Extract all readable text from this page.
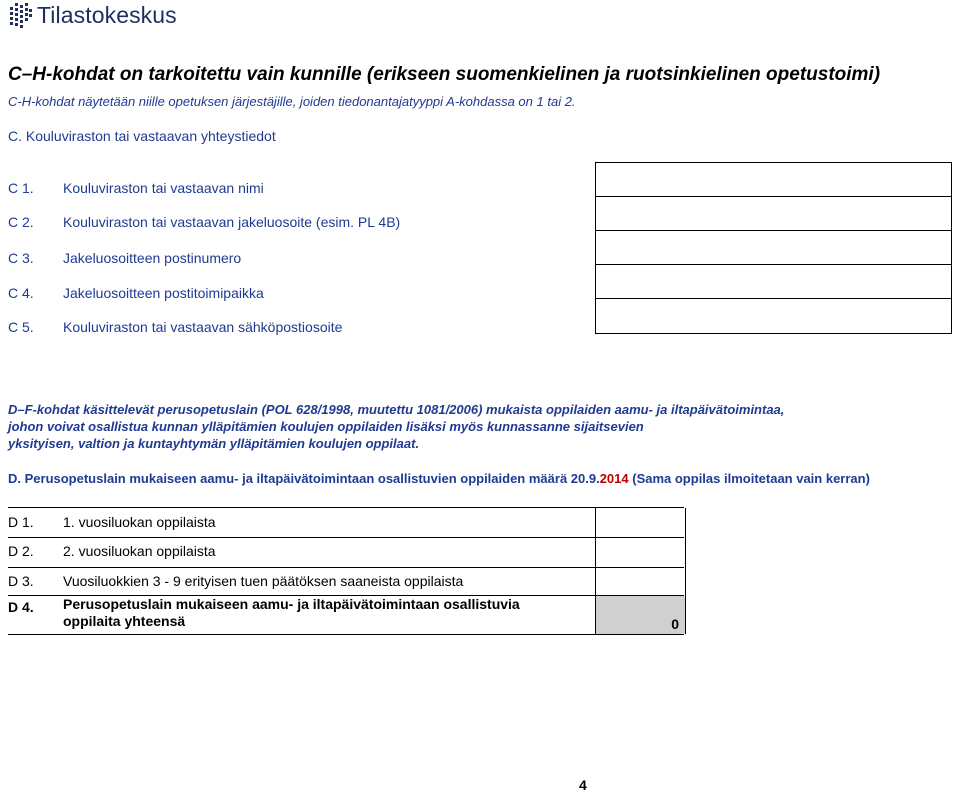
Tilastokeskus
C–H-kohdat on tarkoitettu vain kunnille (erikseen suomenkielinen ja ruotsinkielinen opetustoimi)
C-H-kohdat näytetään niille opetuksen järjestäjille, joiden tiedonantajatyyppi A-kohdassa on 1 tai 2.
C. Kouluviraston tai vastaavan yhteystiedot
C 1. Kouluviraston tai vastaavan nimi
C 2. Kouluviraston tai vastaavan jakeluosoite (esim. PL 4B)
C 3. Jakeluosoitteen postinumero
C 4. Jakeluosoitteen postitoimipaikka
C 5. Kouluviraston tai vastaavan sähköpostiosoite
D–F-kohdat käsittelevät perusopetuslain (POL 628/1998, muutettu 1081/2006) mukaista oppilaiden aamu- ja iltapäivätoimintaa,
johon voivat osallistua kunnan ylläpitämien koulujen oppilaiden lisäksi myös kunnassanne sijaitsevien
yksityisen, valtion ja kuntayhtymän ylläpitämien koulujen oppilaat.
D. Perusopetuslain mukaiseen aamu- ja iltapäivätoimintaan osallistuvien oppilaiden määrä 20.9.2014 (Sama oppilas ilmoitetaan vain kerran)
D 1. 1. vuosiluokan oppilaista
D 2. 2. vuosiluokan oppilaista
D 3. Vuosiluokkien 3 - 9 erityisen tuen päätöksen saaneista oppilaista
D 4. Perusopetuslain mukaiseen aamu- ja iltapäivätoimintaan osallistuvia
oppilaita yhteensä	0
4
